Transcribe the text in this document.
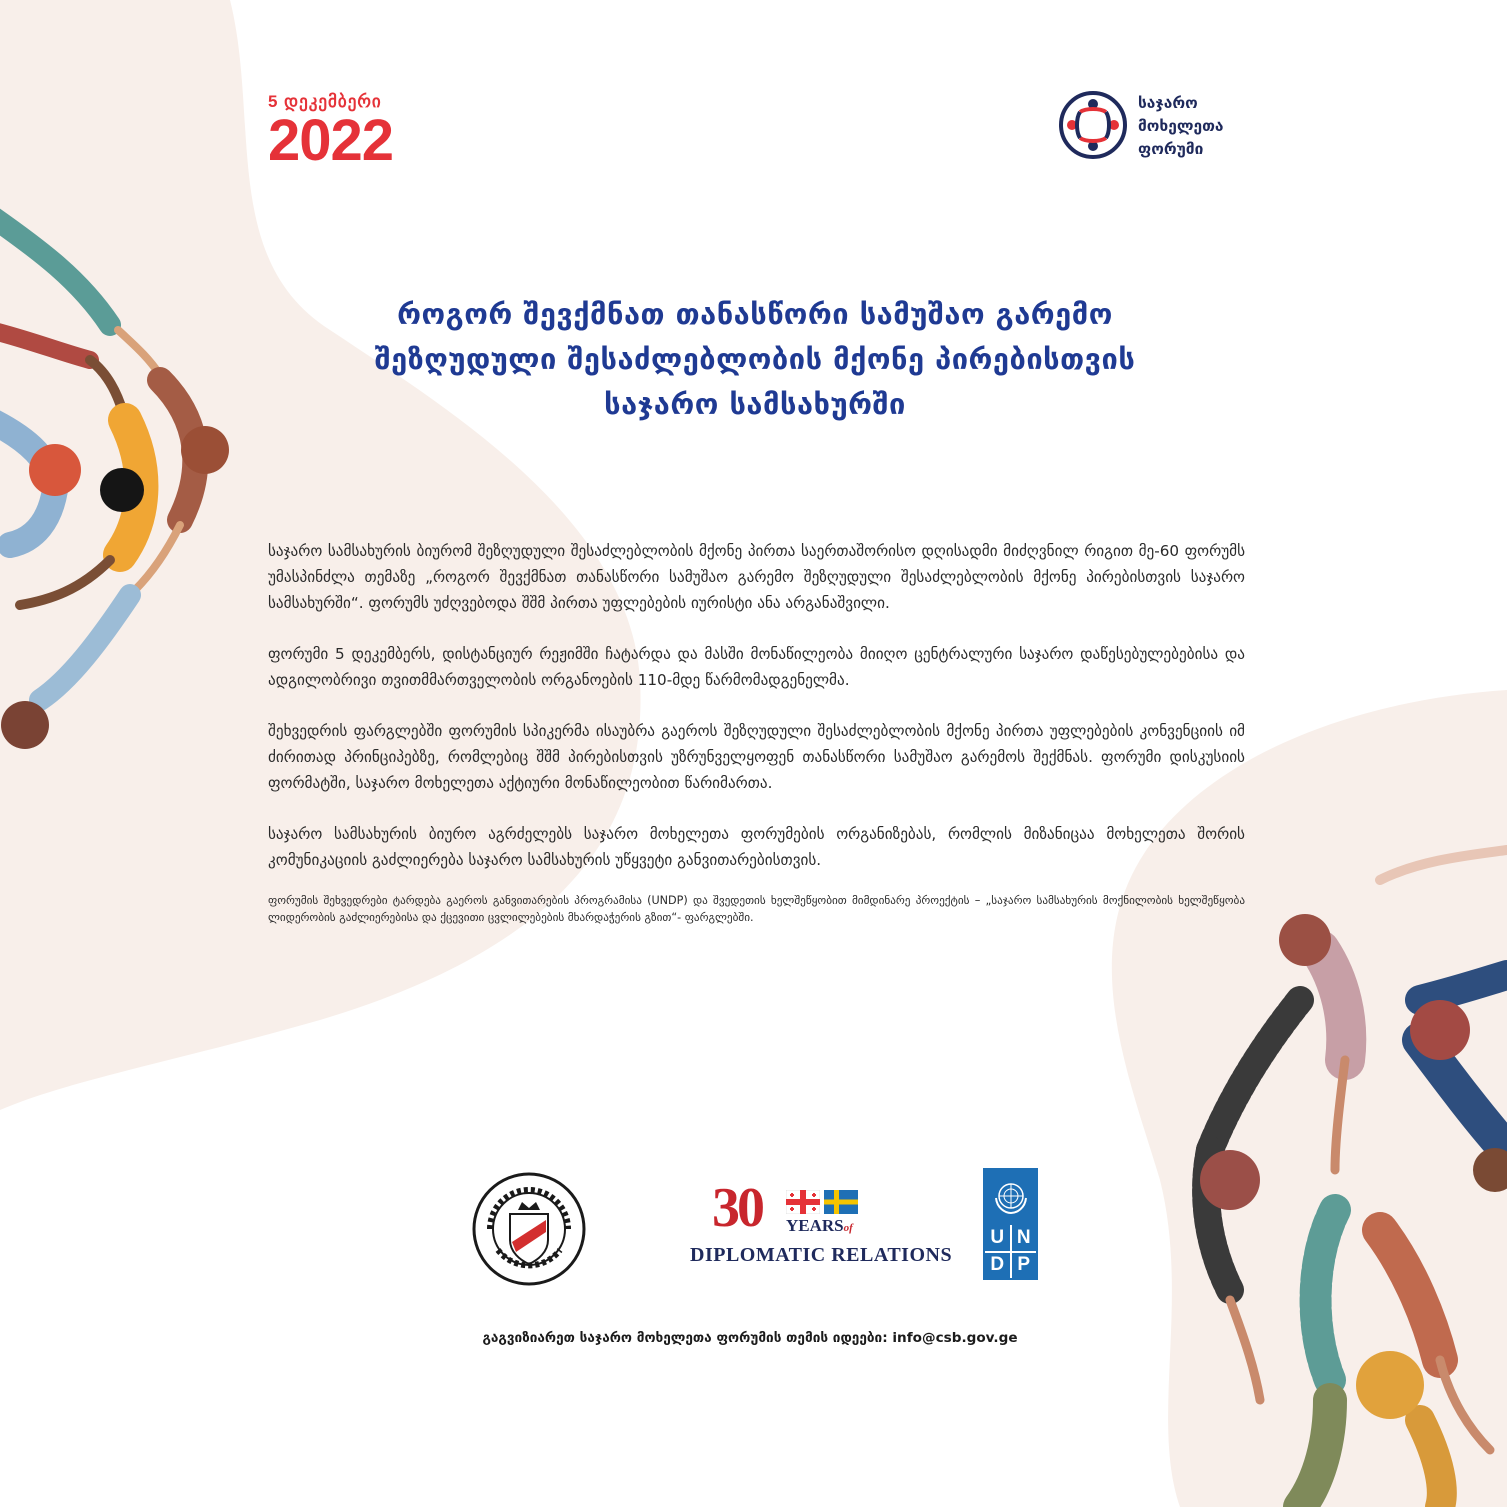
5 დეკემბერი
2022
საჯარო
მოხელეთა
ფორუმი
როგორ შევქმნათ თანასწორი სამუშაო გარემო
შეზღუდული შესაძლებლობის მქონე პირებისთვის
საჯარო სამსახურში

საჯარო სამსახურის ბიურომ შეზღუდული შესაძლებლობის მქონე პირთა საერთაშორისო დღისადმი მიძღვნილ რიგით მე-60 ფორუმს უმასპინძლა თემაზე „როგორ შევქმნათ თანასწორი სამუშაო გარემო შეზღუდული შესაძლებლობის მქონე პირებისთვის საჯარო სამსახურში“. ფორუმს უძღვებოდა შშმ პირთა უფლებების იურისტი ანა არგანაშვილი.

ფორუმი 5 დეკემბერს, დისტანციურ რეჟიმში ჩატარდა და მასში მონაწილეობა მიიღო ცენტრალური საჯარო დაწესებულებებისა და ადგილობრივი თვითმმართველობის ორგანოების 110-მდე წარმომადგენელმა.

შეხვედრის ფარგლებში ფორუმის სპიკერმა ისაუბრა გაეროს შეზღუდული შესაძლებლობის მქონე პირთა უფლებების კონვენციის იმ ძირითად პრინციპებზე, რომლებიც შშმ პირებისთვის უზრუნველყოფენ თანასწორი სამუშაო გარემოს შექმნას. ფორუმი დისკუსიის ფორმატში, საჯარო მოხელეთა აქტიური მონაწილეობით წარიმართა.

საჯარო სამსახურის ბიურო აგრძელებს საჯარო მოხელეთა ფორუმების ორგანიზებას, რომლის მიზანიცაა მოხელეთა შორის კომუნიკაციის გაძლიერება საჯარო სამსახურის უწყვეტი განვითარებისთვის.

ფორუმის შეხვედრები ტარდება გაეროს განვითარების პროგრამისა (UNDP) და შვედეთის ხელშეწყობით მიმდინარე პროექტის – „საჯარო სამსახურის მოქნილობის ხელშეწყობა ლიდერობის გაძლიერებისა და ქცევითი ცვლილებების მხარდაჭერის გზით“- ფარგლებში.

30 YEARSof
DIPLOMATIC RELATIONS
U N
D P
გაგვიზიარეთ საჯარო მოხელეთა ფორუმის თემის იდეები: info@csb.gov.ge
